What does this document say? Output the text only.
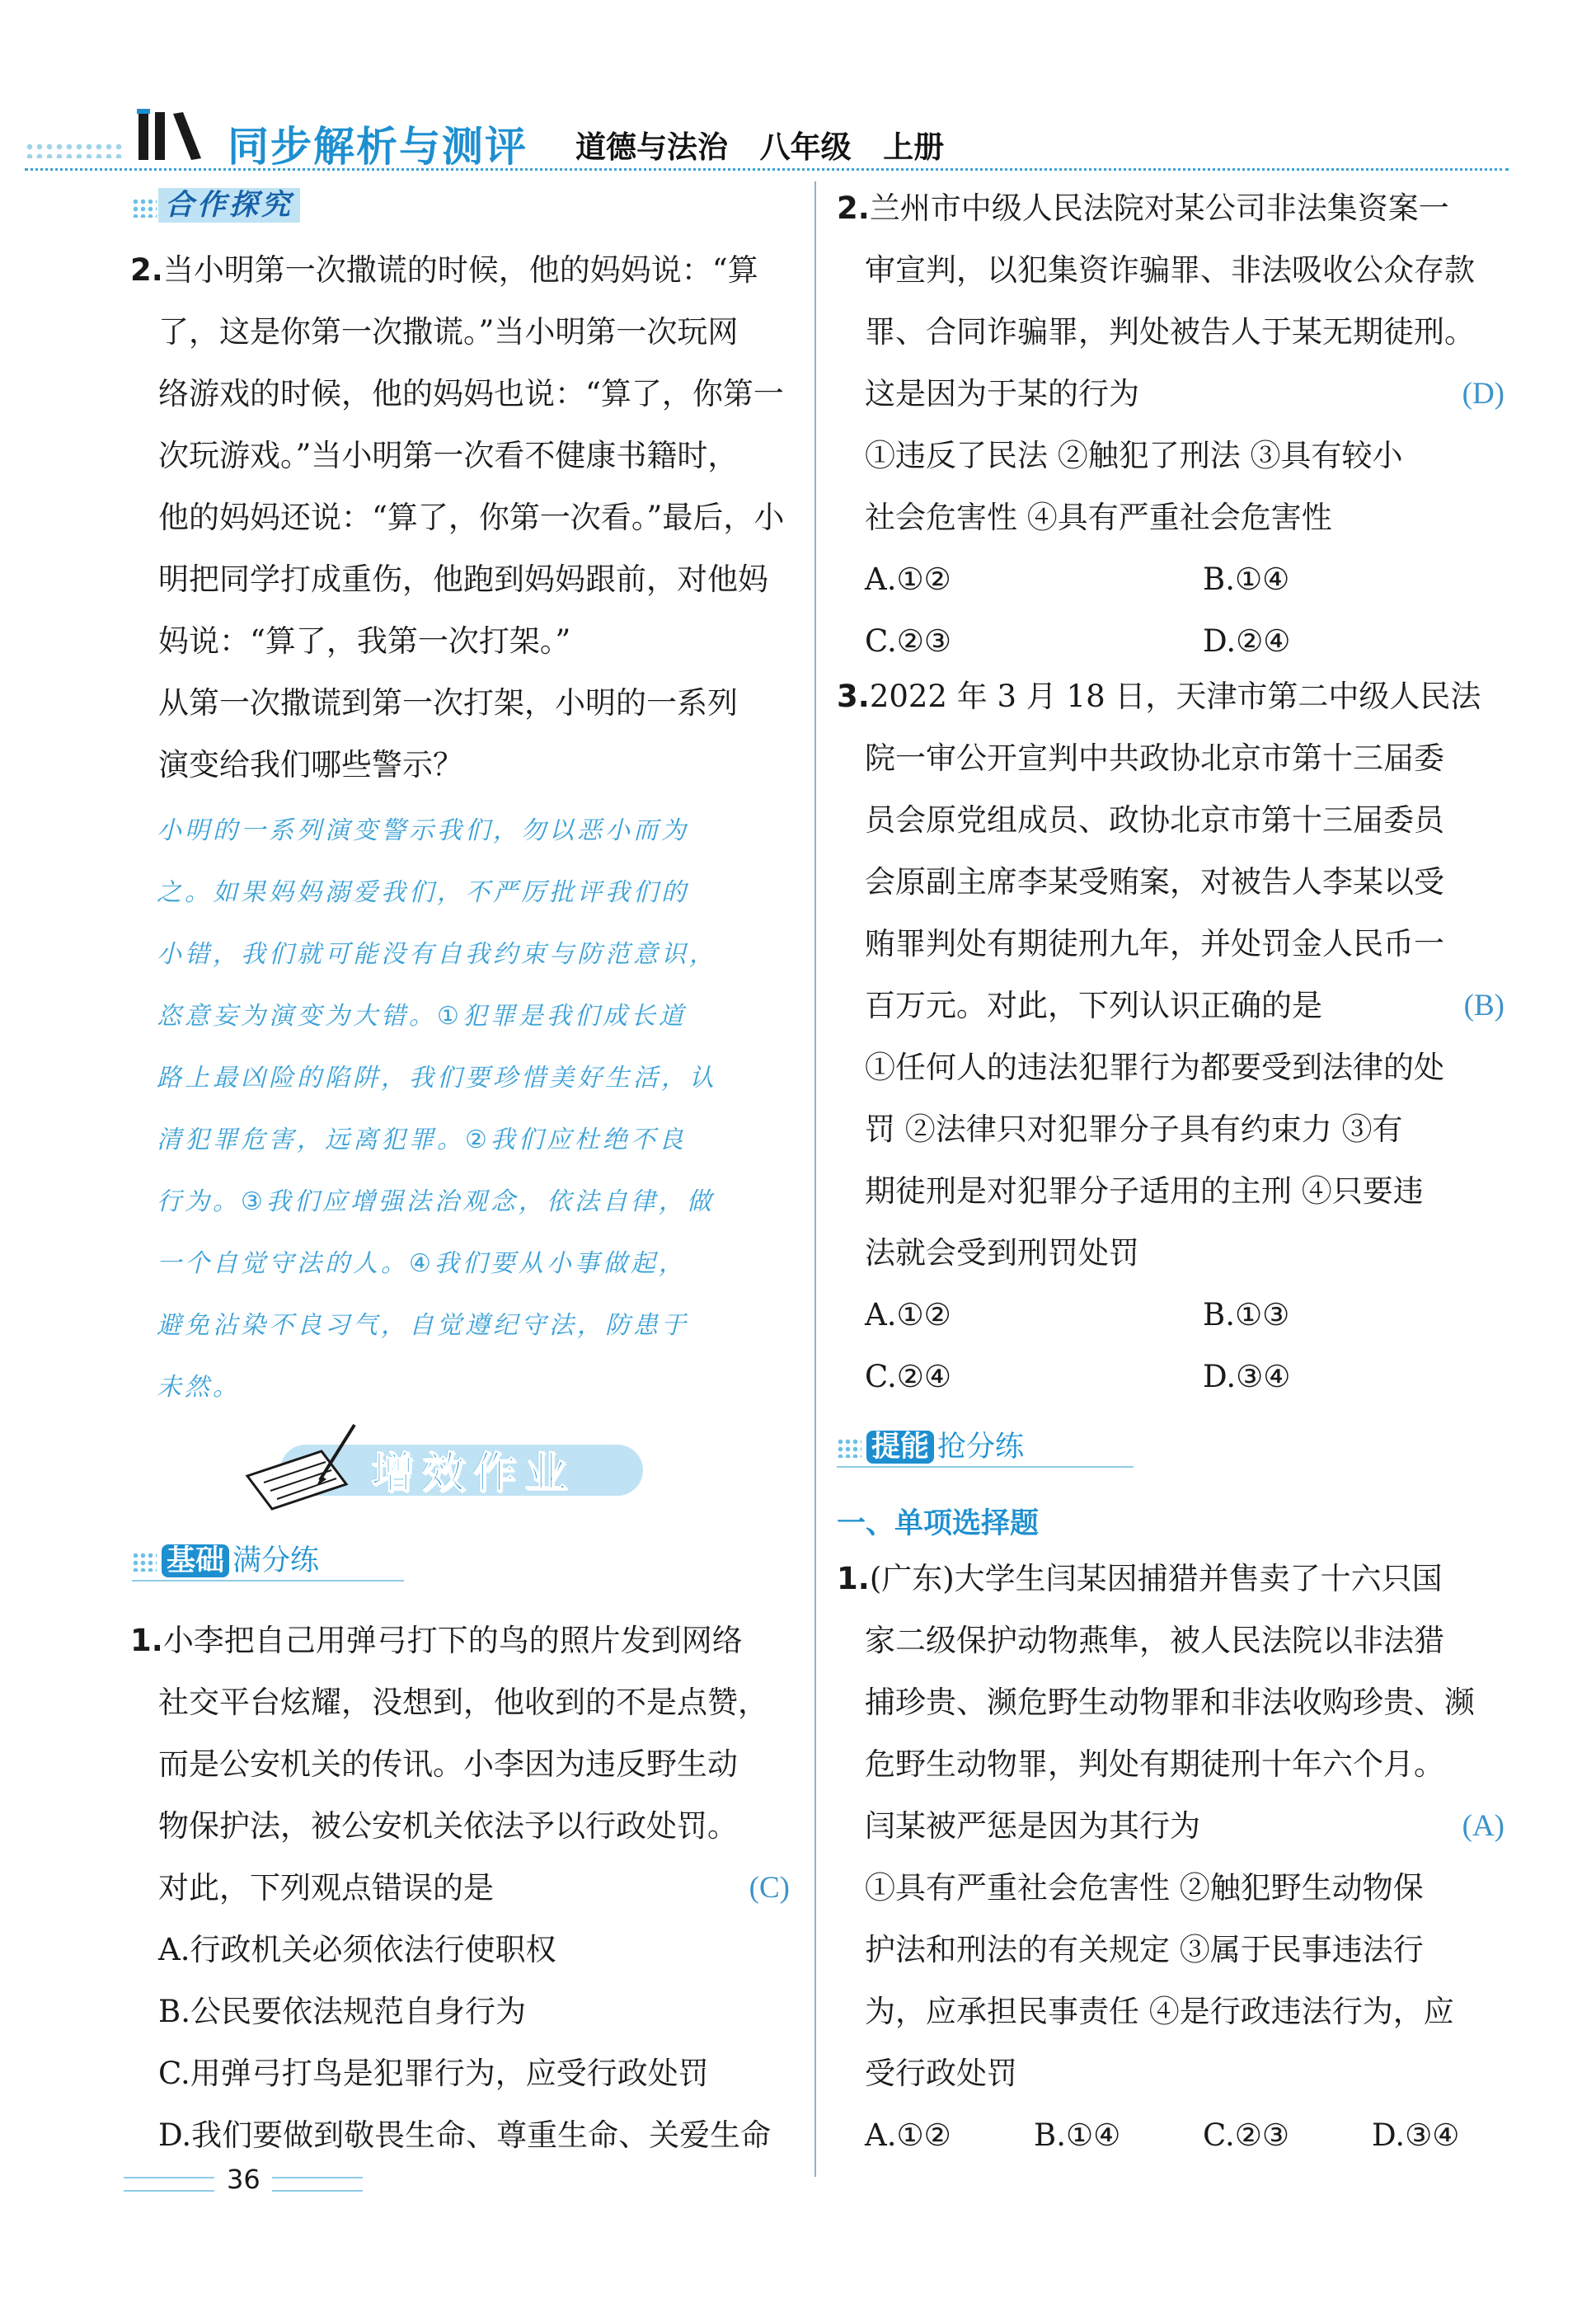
同步解析与测评 道德与法治   八年级   上册
合作探究
2.当小明第一次撒谎的时候，他的妈妈说：“算
了，这是你第一次撒谎。”当小明第一次玩网
络游戏的时候，他的妈妈也说：“算了，你第一
次玩游戏。”当小明第一次看不健康书籍时，
他的妈妈还说：“算了，你第一次看。”最后，小
明把同学打成重伤，他跑到妈妈跟前，对他妈
妈说：“算了，我第一次打架。”
从第一次撒谎到第一次打架，小明的一系列
演变给我们哪些警示？
小明的一系列演变警示我们，勿以恶小而为
之。如果妈妈溺爱我们，不严厉批评我们的
小错，我们就可能没有自我约束与防范意识，
恣意妄为演变为大错。①犯罪是我们成长道
路上最凶险的陷阱，我们要珍惜美好生活，认
清犯罪危害，远离犯罪。②我们应杜绝不良
行为。③我们应增强法治观念，依法自律，做
一个自觉守法的人。④我们要从小事做起，
避免沾染不良习气，自觉遵纪守法，防患于
未然。
增效作业
基础 满分练
1.小李把自己用弹弓打下的鸟的照片发到网络
社交平台炫耀，没想到，他收到的不是点赞，
而是公安机关的传讯。小李因为违反野生动
物保护法，被公安机关依法予以行政处罚。
对此，下列观点错误的是	(C)
A.行政机关必须依法行使职权
B.公民要依法规范自身行为
C.用弹弓打鸟是犯罪行为，应受行政处罚
D.我们要做到敬畏生命、尊重生命、关爱生命
36
2.兰州市中级人民法院对某公司非法集资案一
审宣判，以犯集资诈骗罪、非法吸收公众存款
罪、合同诈骗罪，判处被告人于某无期徒刑。
这是因为于某的行为	(D)
①违反了民法 ②触犯了刑法 ③具有较小
社会危害性 ④具有严重社会危害性
A.①②	B.①④
C.②③	D.②④
3.2022 年 3 月 18 日，天津市第二中级人民法
院一审公开宣判中共政协北京市第十三届委
员会原党组成员、政协北京市第十三届委员
会原副主席李某受贿案，对被告人李某以受
贿罪判处有期徒刑九年，并处罚金人民币一
百万元。对此，下列认识正确的是	(B)
①任何人的违法犯罪行为都要受到法律的处
罚 ②法律只对犯罪分子具有约束力 ③有
期徒刑是对犯罪分子适用的主刑 ④只要违
法就会受到刑罚处罚
A.①②	B.①③
C.②④	D.③④
提能 抢分练
一、单项选择题
1.(广东)大学生闫某因捕猎并售卖了十六只国
家二级保护动物燕隼，被人民法院以非法猎
捕珍贵、濒危野生动物罪和非法收购珍贵、濒
危野生动物罪，判处有期徒刑十年六个月。
闫某被严惩是因为其行为	(A)
①具有严重社会危害性 ②触犯野生动物保
护法和刑法的有关规定 ③属于民事违法行
为，应承担民事责任 ④是行政违法行为，应
受行政处罚
A.①②	B.①④	C.②③	D.③④
